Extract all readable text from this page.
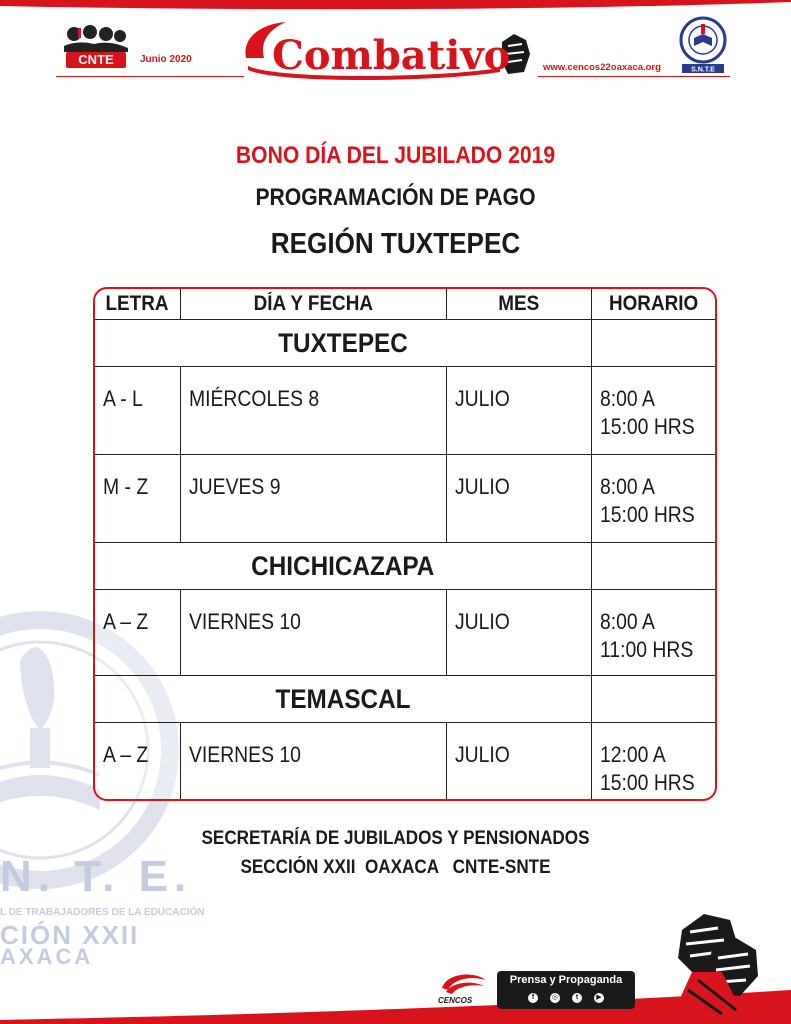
CNTE	Junio 2020 Combativo	www.cencos22oaxaca.org	S.N.T.E
N. T. E.
L DE TRABAJADORES DE LA EDUCACIÓN
CIÓN XXII
AXACA
BONO DÍA DEL JUBILADO 2019
PROGRAMACIÓN DE PAGO
REGIÓN TUXTEPEC
LETRA	DÍA Y FECHA	MES	HORARIO
TUXTEPEC			
A - L	MIÉRCOLES 8	JULIO	8:00 A
15:00 HRS
M - Z	JUEVES 9	JULIO	8:00 A
15:00 HRS
CHICHICAZAPA			
A – Z	VIERNES 10	JULIO	8:00 A
11:00 HRS
TEMASCAL			
A – Z	VIERNES 10	JULIO	12:00 A
15:00 HRS
SECRETARÍA DE JUBILADOS Y PENSIONADOS
SECCIÓN XXII  OAXACA   CNTE-SNTE
CENCOS
Prensa y Propaganda
f	◎	t	▶
